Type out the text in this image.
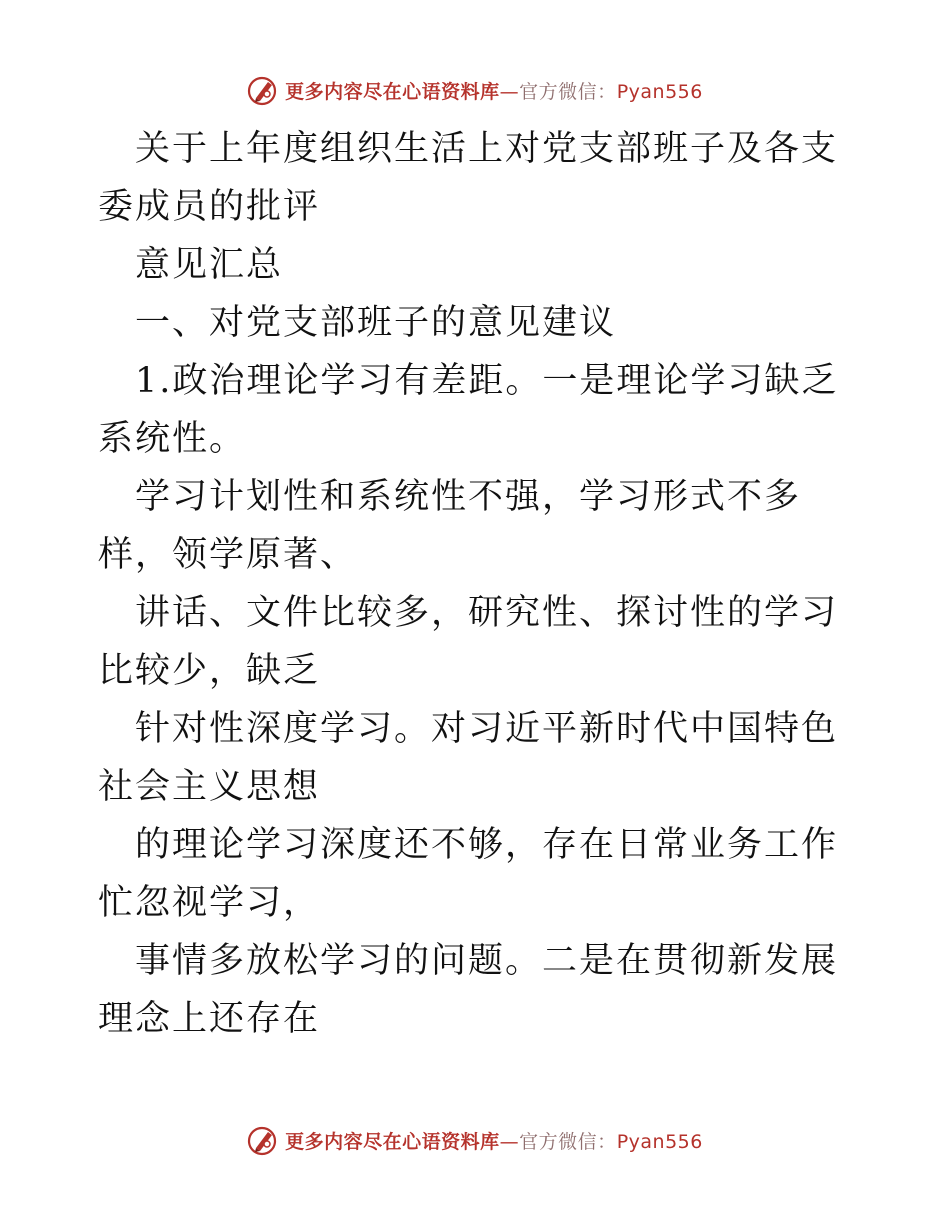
更多内容尽在心语资料库—官方微信：Pyan556

关于上年度组织生活上对党支部班子及各支委成员的批评

意见汇总

一、对党支部班子的意见建议

1.政治理论学习有差距。一是理论学习缺乏系统性。

学习计划性和系统性不强，学习形式不多样，领学原著、

讲话、文件比较多，研究性、探讨性的学习比较少，缺乏

针对性深度学习。对习近平新时代中国特色社会主义思想

的理论学习深度还不够，存在日常业务工作忙忽视学习，

事情多放松学习的问题。二是在贯彻新发展理念上还存在

更多内容尽在心语资料库—官方微信：Pyan556
